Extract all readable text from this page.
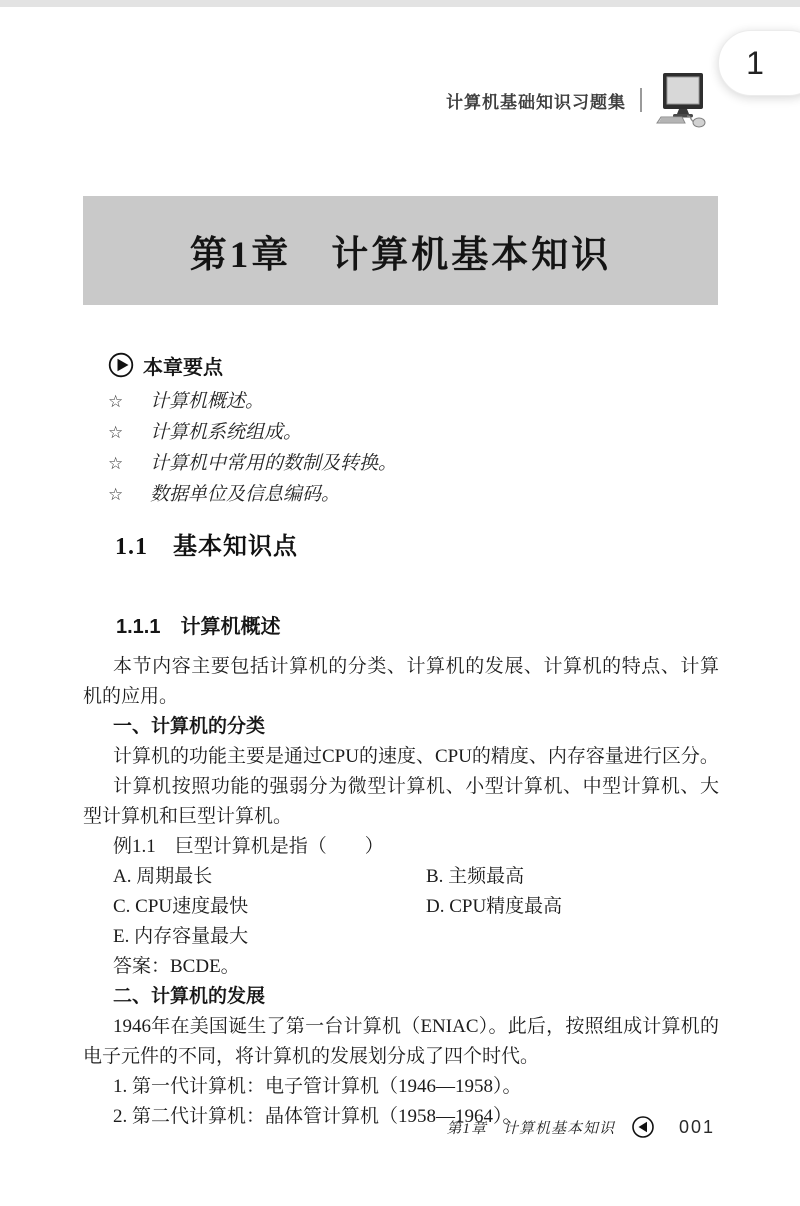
1
计算机基础知识习题集
第1章　计算机基本知识
本章要点
☆ 计算机概述。
☆ 计算机系统组成。
☆ 计算机中常用的数制及转换。
☆ 数据单位及信息编码。
1.1　基本知识点
1.1.1　计算机概述

本节内容主要包括计算机的分类、计算机的发展、计算机的特点、计算机的应用。

一、计算机的分类

计算机的功能主要是通过CPU的速度、CPU的精度、内存容量进行区分。

计算机按照功能的强弱分为微型计算机、小型计算机、中型计算机、大型计算机和巨型计算机。

例1.1　巨型计算机是指（　　）

A. 周期最长	B. 主频最高
C. CPU速度最快	D. CPU精度最高
E. 内存容量最大

答案：BCDE。

二、计算机的发展

1946年在美国诞生了第一台计算机（ENIAC）。此后，按照组成计算机的电子元件的不同，将计算机的发展划分成了四个时代。

1. 第一代计算机：电子管计算机（1946—1958）。
2. 第二代计算机：晶体管计算机（1958—1964）。
第1章　计算机基本知识	001
